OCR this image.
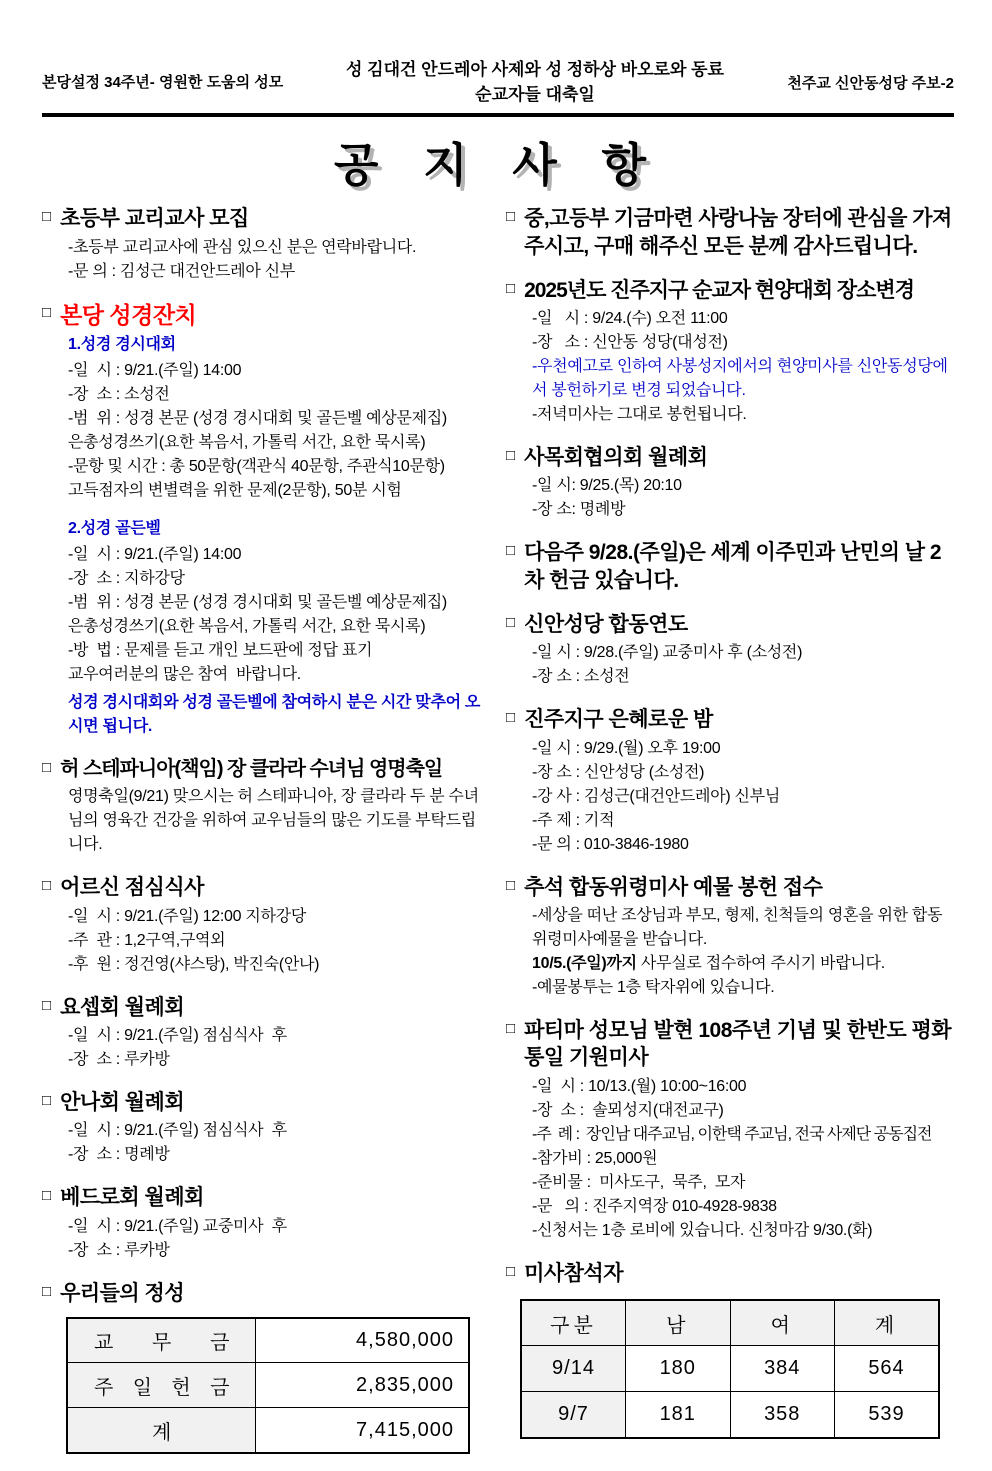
본당설정 34주년- 영원한 도움의 성모
성 김대건 안드레아 사제와 성 정하상 바오로와 동료
순교자들 대축일
천주교 신안동성당 주보-2
공 지 사 항
□ 초등부 교리교사 모집
-초등부 교리교사에 관심 있으신 분은 연락바랍니다.
-문 의 : 김성근 대건안드레아 신부
□ 본당 성경잔치
1.성경 경시대회
-일  시 : 9/21.(주일) 14:00
-장  소 : 소성전
-범  위 : 성경 본문 (성경 경시대회 및 골든벨 예상문제집)
은총성경쓰기(요한 복음서, 가톨릭 서간, 요한 묵시록)
-문항 및 시간 : 총 50문항(객관식 40문항, 주관식10문항)
고득점자의 변별력을 위한 문제(2문항), 50분 시험
2.성경 골든벨
-일  시 : 9/21.(주일) 14:00
-장  소 : 지하강당
-범  위 : 성경 본문 (성경 경시대회 및 골든벨 예상문제집)
은총성경쓰기(요한 복음서, 가톨릭 서간, 요한 묵시록)
-방  법 : 문제를 듣고 개인 보드판에 정답 표기
교우여러분의 많은 참여  바랍니다.
성경 경시대회와 성경 골든벨에 참여하시 분은 시간 맞추어 오시면 됩니다.
□ 허 스테파니아(책임) 장 클라라 수녀님 영명축일
영명축일(9/21) 맞으시는 허 스테파니아, 장 클라라 두 분 수녀님의 영육간 건강을 위하여 교우님들의 많은 기도를 부탁드립니다.
□ 어르신 점심식사
-일  시 : 9/21.(주일) 12:00 지하강당
-주  관 : 1,2구역,구역외
-후  원 : 정건영(샤스탕), 박진숙(안나)
□ 요셉회 월례회
-일  시 : 9/21.(주일) 점심식사  후
-장  소 : 루카방
□ 안나회 월례회
-일  시 : 9/21.(주일) 점심식사  후
-장  소 : 명례방
□ 베드로회 월례회
-일  시 : 9/21.(주일) 교중미사  후
-장  소 : 루카방
□ 우리들의 정성
교 무 금	4,580,000
주 일 헌 금	2,835,000
계	7,415,000
□ 중,고등부 기금마련 사랑나눔 장터에 관심을 가져주시고, 구매 해주신 모든 분께 감사드립니다.
□ 2025년도 진주지구 순교자 현양대회 장소변경
-일   시 : 9/24.(수) 오전 11:00
-장   소 : 신안동 성당(대성전)
-우천예고로 인하여 사봉성지에서의 현양미사를 신안동성당에서 봉헌하기로 변경 되었습니다.
-저녁미사는 그대로 봉헌됩니다.
□ 사목회협의회 월례회
-일 시: 9/25.(목) 20:10
-장 소: 명례방
□ 다음주 9/28.(주일)은 세계 이주민과 난민의 날 2차 헌금 있습니다.
□ 신안성당 합동연도
-일 시 : 9/28.(주일) 교중미사 후 (소성전)
-장 소 : 소성전
□ 진주지구 은혜로운 밤
-일 시 : 9/29.(월) 오후 19:00
-장 소 : 신안성당 (소성전)
-강 사 : 김성근(대건안드레아) 신부님
-주 제 : 기적
-문 의 : 010-3846-1980
□ 추석 합동위령미사 예물 봉헌 접수
-세상을 떠난 조상님과 부모, 형제, 친척들의 영혼을 위한 합동 위령미사예물을 받습니다.
10/5.(주일)까지 사무실로 접수하여 주시기 바랍니다.
-예물봉투는 1층 탁자위에 있습니다.
□ 파티마 성모님 발현 108주년 기념 및 한반도 평화통일 기원미사
-일  시 : 10/13.(월) 10:00~16:00
-장  소 :  솔뫼성지(대전교구)
-주  례 :  장인남 대주교님, 이한택 주교님, 전국 사제단 공동집전
-참가비 : 25,000원
-준비물 :  미사도구,  묵주,  모자
-문   의 : 진주지역장 010-4928-9838
-신청서는 1층 로비에 있습니다. 신청마감 9/30.(화)
□ 미사참석자
구분	남	여	계
9/14	180	384	564
9/7	181	358	539
